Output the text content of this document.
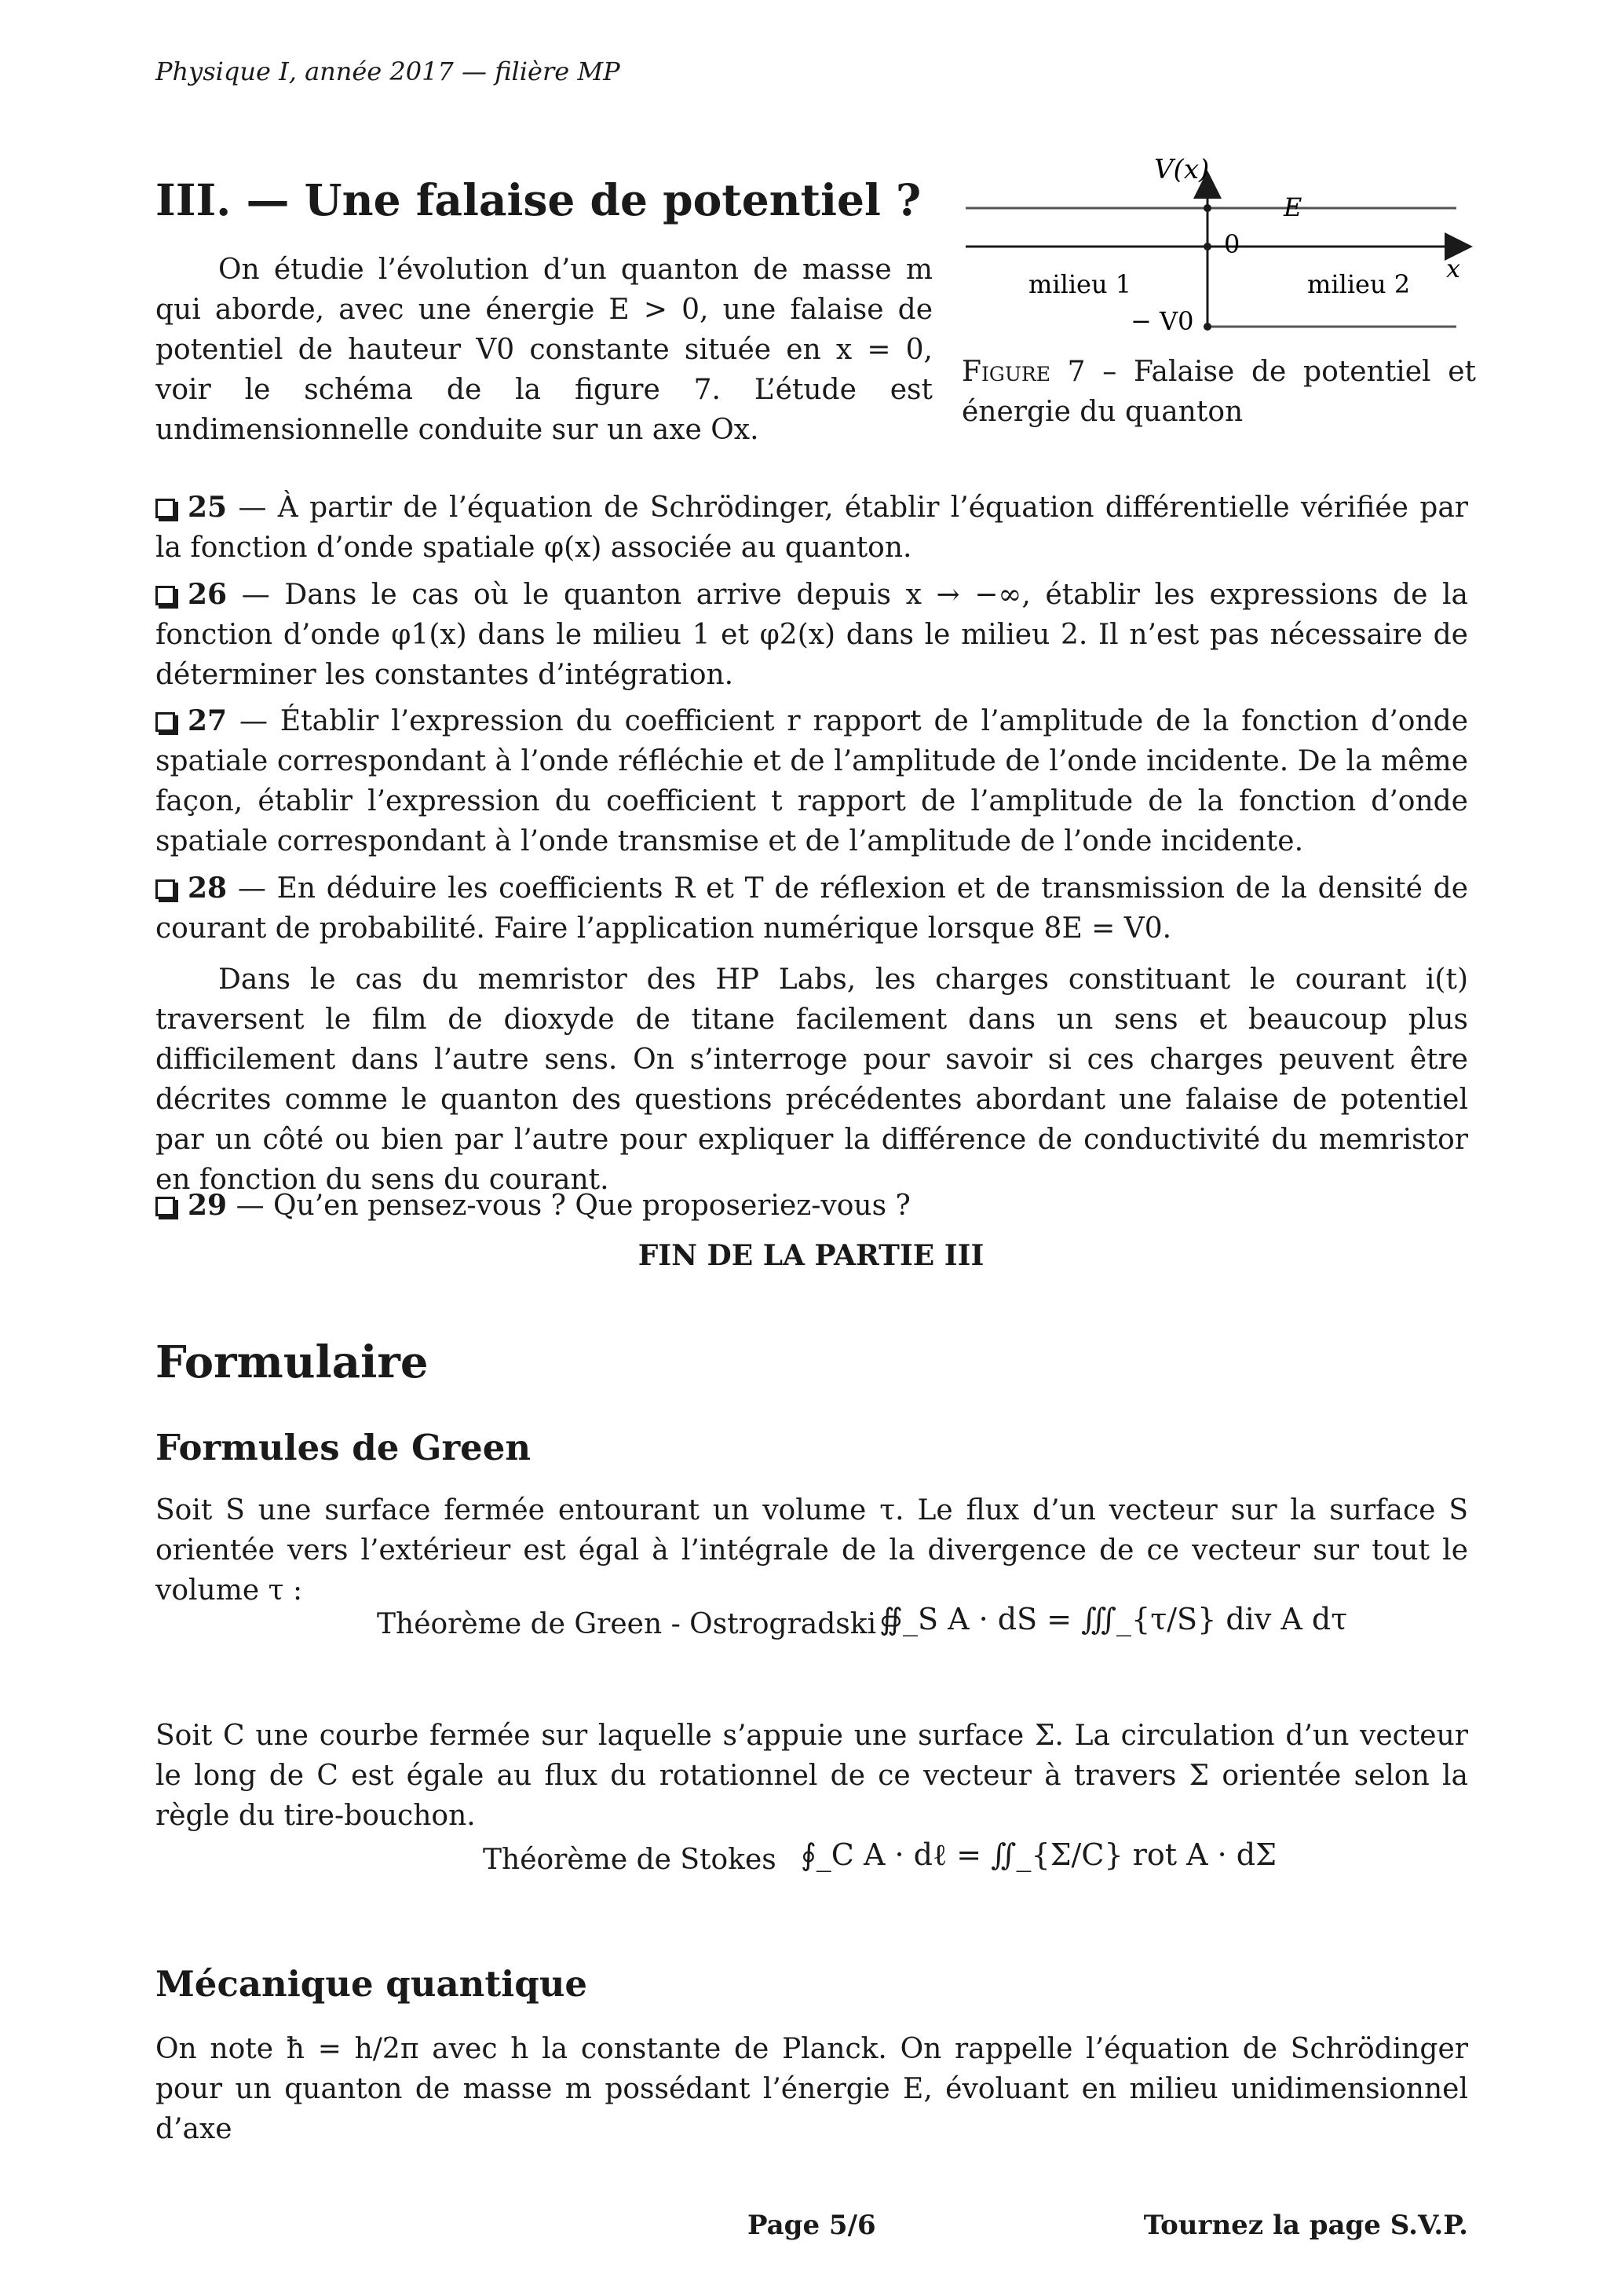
Physique I, année 2017 — filière MP
III. — Une falaise de potentiel ?
On étudie l’évolution d’un quanton de masse m qui aborde, avec une énergie E > 0, une falaise de potentiel de hauteur V0 constante située en x = 0, voir le schéma de la figure 7. L’étude est undimensionnelle conduite sur un axe Ox.
V(x)
E
0
x
milieu 1	milieu 2
− V0
Figure 7 – Falaise de potentiel et énergie du quanton
25 — À partir de l’équation de Schrödinger, établir l’équation différentielle vérifiée par la fonction d’onde spatiale φ(x) associée au quanton.
26 — Dans le cas où le quanton arrive depuis x → −∞, établir les expressions de la fonction d’onde φ1(x) dans le milieu 1 et φ2(x) dans le milieu 2. Il n’est pas nécessaire de déterminer les constantes d’intégration.
27 — Établir l’expression du coefficient r rapport de l’amplitude de la fonction d’onde spatiale correspondant à l’onde réfléchie et de l’amplitude de l’onde incidente. De la même façon, établir l’expression du coefficient t rapport de l’amplitude de la fonction d’onde spatiale correspondant à l’onde transmise et de l’amplitude de l’onde incidente.
28 — En déduire les coefficients R et T de réflexion et de transmission de la densité de courant de probabilité. Faire l’application numérique lorsque 8E = V0.
Dans le cas du memristor des HP Labs, les charges constituant le courant i(t) traversent le film de dioxyde de titane facilement dans un sens et beaucoup plus difficilement dans l’autre sens. On s’interroge pour savoir si ces charges peuvent être décrites comme le quanton des questions précédentes abordant une falaise de potentiel par un côté ou bien par l’autre pour expliquer la différence de conductivité du memristor en fonction du sens du courant.
29 — Qu’en pensez-vous ? Que proposeriez-vous ?
FIN DE LA PARTIE III
Formulaire
Formules de Green
Soit S une surface fermée entourant un volume τ. Le flux d’un vecteur sur la surface S orientée vers l’extérieur est égal à l’intégrale de la divergence de ce vecteur sur tout le volume τ :
Théorème de Green - Ostrogradski ∯_S A · dS = ∭_{τ/S} div A dτ
Soit C une courbe fermée sur laquelle s’appuie une surface Σ. La circulation d’un vecteur le long de C est égale au flux du rotationnel de ce vecteur à travers Σ orientée selon la règle du tire-bouchon.
Théorème de Stokes ∮_C A · dℓ = ∬_{Σ/C} rot A · dΣ
Mécanique quantique
On note ħ = h/2π avec h la constante de Planck. On rappelle l’équation de Schrödinger pour un quanton de masse m possédant l’énergie E, évoluant en milieu unidimensionnel d’axe
Page 5/6	Tournez la page S.V.P.
